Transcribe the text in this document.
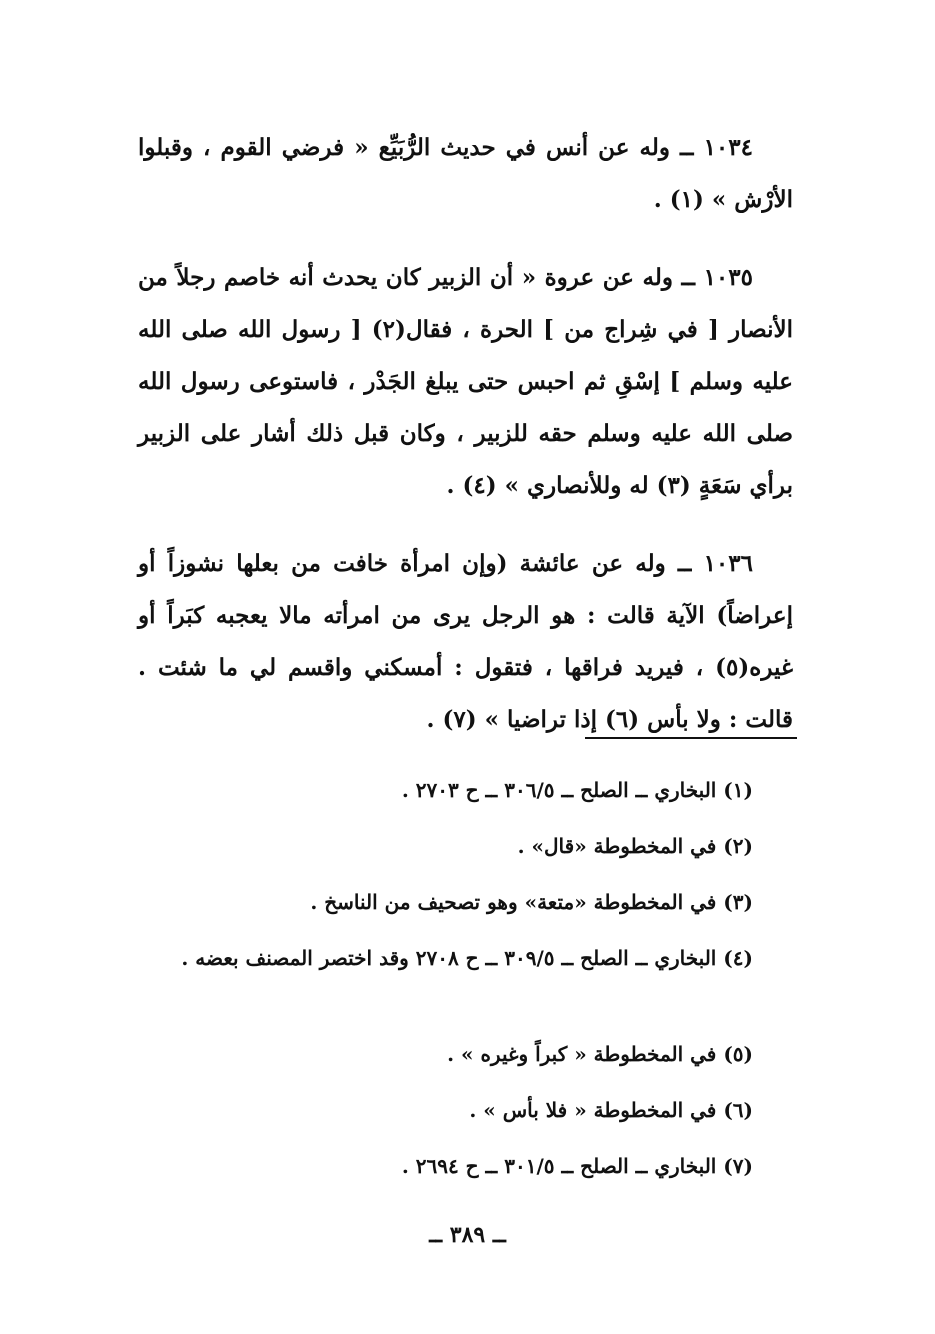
١٠٣٤ ــ وله عن أنس في حديث الرُّبَيِّع « فرضي القوم ، وقبلوا الأرْش » (١) .

١٠٣٥ ــ وله عن عروة « أن الزبير كان يحدث أنه خاصم رجلاً من الأنصار [ في شِراج من ] الحرة ، فقال(٢) [ رسول الله صلى الله عليه وسلم ] إسْقِ ثم احبس حتى يبلغ الجَدْر ، فاستوعى رسول الله صلى الله عليه وسلم حقه للزبير ، وكان قبل ذلك أشار على الزبير برأي سَعَةٍ (٣) له وللأنصاري » (٤) .

١٠٣٦ ــ وله عن عائشة (وإن امرأة خافت من بعلها نشوزاً أو إعراضاً) الآية قالت : هو الرجل يرى من امرأته مالا يعجبه كبَراً أو غيره(٥) ، فيريد فراقها ، فتقول : أمسكني واقسم لي ما شئت . قالت : ولا بأس (٦) إذا تراضيا » (٧) .

(١) البخاري ــ الصلح ــ ٣٠٦/٥ ــ ح ٢٧٠٣ .
(٢) في المخطوطة «قال» .
(٣) في المخطوطة «متعة» وهو تصحيف من الناسخ .
(٤) البخاري ــ الصلح ــ ٣٠٩/٥ ــ ح ٢٧٠٨ وقد اختصر المصنف بعضه .
(٥) في المخطوطة « كبراً وغيره » .
(٦) في المخطوطة « فلا بأس » .
(٧) البخاري ــ الصلح ــ ٣٠١/٥ ــ ح ٢٦٩٤ .
ــ ٣٨٩ ــ
